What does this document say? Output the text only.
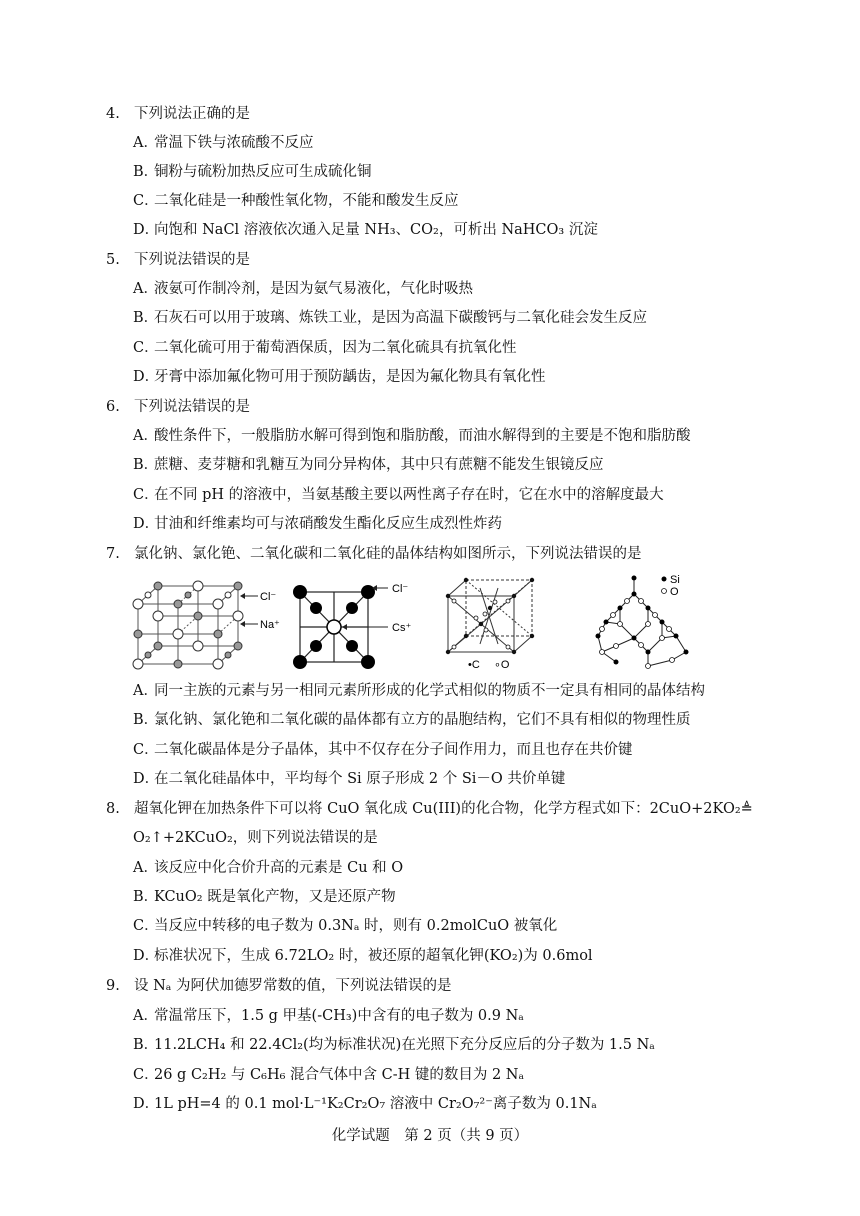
4. 下列说法正确的是
A．常温下铁与浓硫酸不反应
B．铜粉与硫粉加热反应可生成硫化铜
C．二氧化硅是一种酸性氧化物，不能和酸发生反应
D．向饱和 NaCl 溶液依次通入足量 NH₃、CO₂，可析出 NaHCO₃ 沉淀
5. 下列说法错误的是
A．液氨可作制冷剂，是因为氨气易液化，气化时吸热
B．石灰石可以用于玻璃、炼铁工业，是因为高温下碳酸钙与二氧化硅会发生反应
C．二氧化硫可用于葡萄酒保质，因为二氧化硫具有抗氧化性
D．牙膏中添加氟化物可用于预防龋齿，是因为氟化物具有氧化性
6. 下列说法错误的是
A．酸性条件下，一般脂肪水解可得到饱和脂肪酸，而油水解得到的主要是不饱和脂肪酸
B．蔗糖、麦芽糖和乳糖互为同分异构体，其中只有蔗糖不能发生银镜反应
C．在不同 pH 的溶液中，当氨基酸主要以两性离子存在时，它在水中的溶解度最大
D．甘油和纤维素均可与浓硝酸发生酯化反应生成烈性炸药
7. 氯化钠、氯化铯、二氧化碳和二氧化硅的晶体结构如图所示，下列说法错误的是
Cl⁻
Na⁺
Cl⁻
Cs⁺
•C ∘O
Si
O
A．同一主族的元素与另一相同元素所形成的化学式相似的物质不一定具有相同的晶体结构
B．氯化钠、氯化铯和二氧化碳的晶体都有立方的晶胞结构，它们不具有相似的物理性质
C．二氧化碳晶体是分子晶体，其中不仅存在分子间作用力，而且也存在共价键
D．在二氧化硅晶体中，平均每个 Si 原子形成 2 个 Si－O 共价单键
8. 超氧化钾在加热条件下可以将 CuO 氧化成 Cu(III)的化合物，化学方程式如下：2CuO+2KO₂≜
O₂↑+2KCuO₂，则下列说法错误的是
A．该反应中化合价升高的元素是 Cu 和 O
B．KCuO₂ 既是氧化产物，又是还原产物
C．当反应中转移的电子数为 0.3Nₐ 时，则有 0.2molCuO 被氧化
D．标准状况下，生成 6.72LO₂ 时，被还原的超氧化钾(KO₂)为 0.6mol
9. 设 Nₐ 为阿伏加德罗常数的值，下列说法错误的是
A．常温常压下，1.5 g 甲基(-CH₃)中含有的电子数为 0.9 Nₐ
B．11.2LCH₄ 和 22.4Cl₂(均为标准状况)在光照下充分反应后的分子数为 1.5 Nₐ
C．26 g C₂H₂ 与 C₆H₆ 混合气体中含 C-H 键的数目为 2 Nₐ
D．1L pH=4 的 0.1 mol·L⁻¹K₂Cr₂O₇ 溶液中 Cr₂O₇²⁻离子数为 0.1Nₐ
化学试题　第 2 页（共 9 页）
